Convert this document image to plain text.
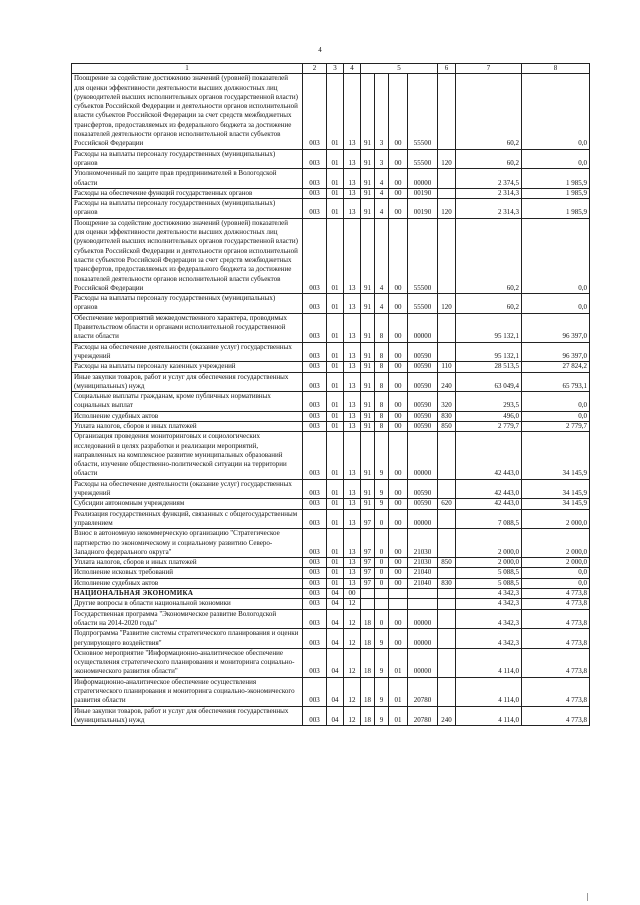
4
1	2	3	4	5				6	7	8
Поощрение за содействие достижению значений (уровней) показателей для оценки эффективности деятельности высших должностных лиц (руководителей высших исполнительных органов государственной власти) субъектов Российской Федерации и деятельности органов исполнительной власти субъектов Российской Федерации за счет средств межбюджетных трансфертов, предоставляемых из федерального бюджета за достижение показателей деятельности органов исполнительной власти субъектов Российской Федерации	003	01	13	91	3	00	55500		60,2	0,0
Расходы на выплаты персоналу государственных (муниципальных) органов	003	01	13	91	3	00	55500	120	60,2	0,0
Уполномоченный по защите прав предпринимателей в Вологодской области	003	01	13	91	4	00	00000		2 374,5	1 985,9
Расходы на обеспечение функций государственных органов	003	01	13	91	4	00	00190		2 314,3	1 985,9
Расходы на выплаты персоналу государственных (муниципальных) органов	003	01	13	91	4	00	00190	120	2 314,3	1 985,9
Поощрение за содействие достижению значений (уровней) показателей для оценки эффективности деятельности высших должностных лиц (руководителей высших исполнительных органов государственной власти) субъектов Российской Федерации и деятельности органов исполнительной власти субъектов Российской Федерации за счет средств межбюджетных трансфертов, предоставляемых из федерального бюджета за достижение показателей деятельности органов исполнительной власти субъектов Российской Федерации	003	01	13	91	4	00	55500		60,2	0,0
Расходы на выплаты персоналу государственных (муниципальных) органов	003	01	13	91	4	00	55500	120	60,2	0,0
Обеспечение мероприятий межведомственного характера, проводимых Правительством области и органами исполнительной государственной власти области	003	01	13	91	8	00	00000		95 132,1	96 397,0
Расходы на обеспечение деятельности (оказание услуг) государственных учреждений	003	01	13	91	8	00	00590		95 132,1	96 397,0
Расходы на выплаты персоналу казенных учреждений	003	01	13	91	8	00	00590	110	28 513,5	27 824,2
Иные закупки товаров, работ и услуг для обеспечения государственных (муниципальных) нужд	003	01	13	91	8	00	00590	240	63 049,4	65 793,1
Социальные выплаты гражданам, кроме публичных нормативных социальных выплат	003	01	13	91	8	00	00590	320	293,5	0,0
Исполнение судебных актов	003	01	13	91	8	00	00590	830	496,0	0,0
Уплата налогов, сборов и иных платежей	003	01	13	91	8	00	00590	850	2 779,7	2 779,7
Организация проведения мониторинговых и социологических исследований в целях разработки и реализации мероприятий, направленных на комплексное развитие муниципальных образований области, изучение общественно-политической ситуации на территории области	003	01	13	91	9	00	00000		42 443,0	34 145,9
Расходы на обеспечение деятельности (оказание услуг) государственных учреждений	003	01	13	91	9	00	00590		42 443,0	34 145,9
Субсидии автономным учреждениям	003	01	13	91	9	00	00590	620	42 443,0	34 145,9
Реализация государственных функций, связанных с общегосударственным управлением	003	01	13	97	0	00	00000		7 088,5	2 000,0
Взнос в автономную некоммерческую организацию "Стратегическое партнерство по экономическому и социальному развитию Северо-Западного федерального округа"	003	01	13	97	0	00	21030		2 000,0	2 000,0
Уплата налогов, сборов и иных платежей	003	01	13	97	0	00	21030	850	2 000,0	2 000,0
Исполнение исковых требований	003	01	13	97	0	00	21040		5 088,5	0,0
Исполнение судебных актов	003	01	13	97	0	00	21040	830	5 088,5	0,0
НАЦИОНАЛЬНАЯ ЭКОНОМИКА	003	04	00						4 342,3	4 773,8
Другие вопросы в области национальной экономики	003	04	12						4 342,3	4 773,8
Государственная программа "Экономическое развитие Вологодской области на 2014-2020 годы"	003	04	12	18	0	00	00000		4 342,3	4 773,8
Подпрограмма "Развитие системы стратегического планирования и оценки регулирующего воздействия"	003	04	12	18	9	00	00000		4 342,3	4 773,8
Основное мероприятие "Информационно-аналитическое обеспечение осуществления стратегического планирования и мониторинга социально-экономического развития области"	003	04	12	18	9	01	00000		4 114,0	4 773,8
Информационно-аналитическое обеспечение осуществления стратегического планирования и мониторинга социально-экономического развития области	003	04	12	18	9	01	20780		4 114,0	4 773,8
Иные закупки товаров, работ и услуг для обеспечения государственных (муниципальных) нужд	003	04	12	18	9	01	20780	240	4 114,0	4 773,8
